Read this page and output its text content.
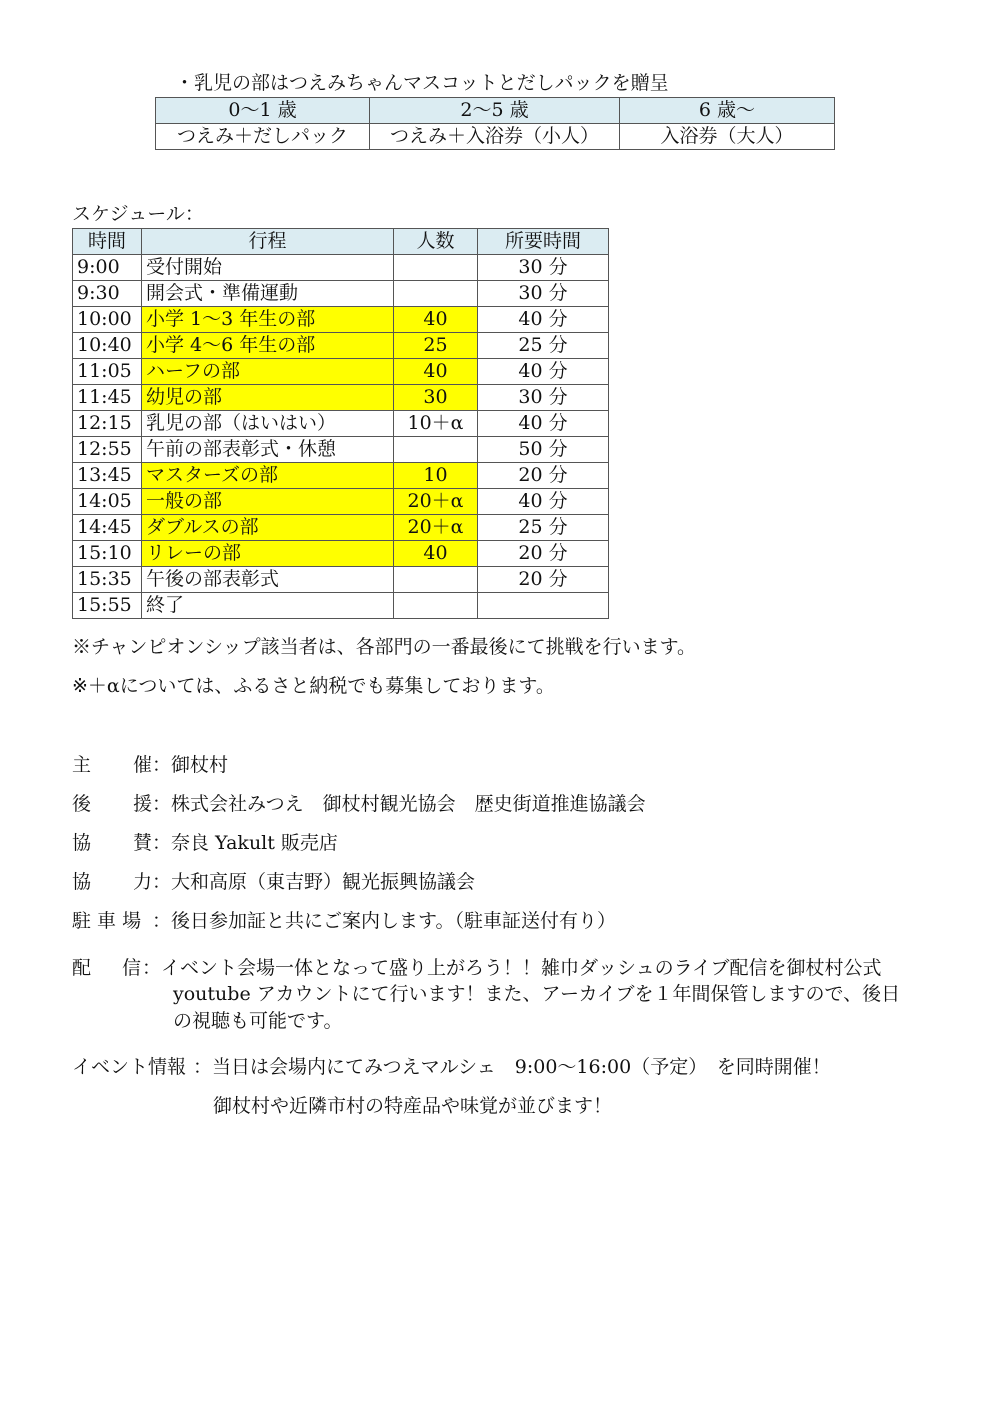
・乳児の部はつえみちゃんマスコットとだしパックを贈呈
0〜1 歳	2〜5 歳	6 歳〜
つえみ＋だしパック	つえみ＋入浴券（小人）	入浴券（大人）
スケジュール：
時間	行程	人数	所要時間
9:00	受付開始		30 分
9:30	開会式・準備運動		30 分
10:00	小学 1〜3 年生の部	40	40 分
10:40	小学 4〜6 年生の部	25	25 分
11:05	ハーフの部	40	40 分
11:45	幼児の部	30	30 分
12:15	乳児の部（はいはい）	10＋α	40 分
12:55	午前の部表彰式・休憩		50 分
13:45	マスターズの部	10	20 分
14:05	一般の部	20＋α	40 分
14:45	ダブルスの部	20＋α	25 分
15:10	リレーの部	40	20 分
15:35	午後の部表彰式		20 分
15:55	終了		
※チャンピオンシップ該当者は、各部門の一番最後にて挑戦を行います。
※＋αについては、ふるさと納税でも募集しております。
主 催 ：御杖村
後 援 ：株式会社みつえ　御杖村観光協会　歴史街道推進協議会
協 賛 ：奈良 Yakult 販売店
協 力 ：大和高原（東吉野）観光振興協議会
駐 車 場 ：後日参加証と共にご案内します。（駐車証送付有り）
配 信 ：イベント会場一体となって盛り上がろう！！雑巾ダッシュのライブ配信を御杖村公式
youtube アカウントにて行います！また、アーカイブを１年間保管しますので、後日
の視聴も可能です。
イベント情報 ：当日は会場内にてみつえマルシェ　9:00〜16:00（予定）　を同時開催！
御杖村や近隣市村の特産品や味覚が並びます！
